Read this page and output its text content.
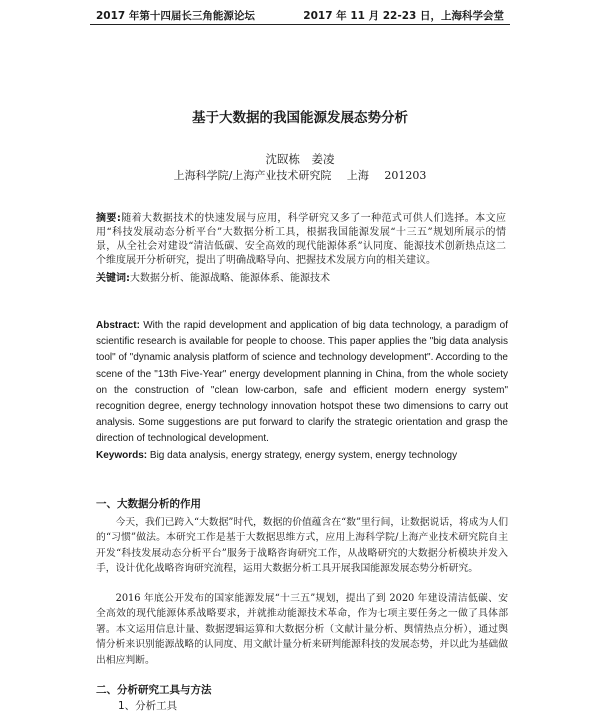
2017 年第十四届长三角能源论坛	2017 年 11 月 22-23 日，上海科学会堂
基于大数据的我国能源发展态势分析
沈臤栋　姜凌
上海科学院/上海产业技术研究院 上海 201203
摘要:随着大数据技术的快速发展与应用，科学研究又多了一种范式可供人们选择。本文应用“科技发展动态分析平台”大数据分析工具，根据我国能源发展“十三五”规划所展示的情景，从全社会对建设“清洁低碳、安全高效的现代能源体系”认同度、能源技术创新热点这二个维度展开分析研究，提出了明确战略导向、把握技术发展方向的相关建议。
关键词:大数据分析、能源战略、能源体系、能源技术
Abstract: With the rapid development and application of big data technology, a paradigm of scientific research is available for people to choose. This paper applies the "big data analysis tool" of "dynamic analysis platform of science and technology development". According to the scene of the "13th Five-Year" energy development planning in China, from the whole society on the construction of "clean low-carbon, safe and efficient modern energy system" recognition degree, energy technology innovation hotspot these two dimensions to carry out analysis. Some suggestions are put forward to clarify the strategic orientation and grasp the direction of technological development.
Keywords: Big data analysis, energy strategy, energy system, energy technology
一、大数据分析的作用
今天，我们已跨入“大数据”时代，数据的价值蕴含在“数”里行间，让数据说话，将成为人们的“习惯”做法。本研究工作是基于大数据思维方式，应用上海科学院/上海产业技术研究院自主开发“科技发展动态分析平台”服务于战略咨询研究工作，从战略研究的大数据分析模块并发入手，设计优化战略咨询研究流程，运用大数据分析工具开展我国能源发展态势分析研究。
2016 年底公开发布的国家能源发展“十三五”规划，提出了到 2020 年建设清洁低碳、安全高效的现代能源体系战略要求，并就推动能源技术革命，作为七项主要任务之一做了具体部署。本文运用信息计量、数据逻辑运算和大数据分析（文献计量分析、舆情热点分析），通过舆情分析来识别能源战略的认同度、用文献计量分析来研判能源科技的发展态势，并以此为基础做出相应判断。
二、分析研究工具与方法
1、分析工具
